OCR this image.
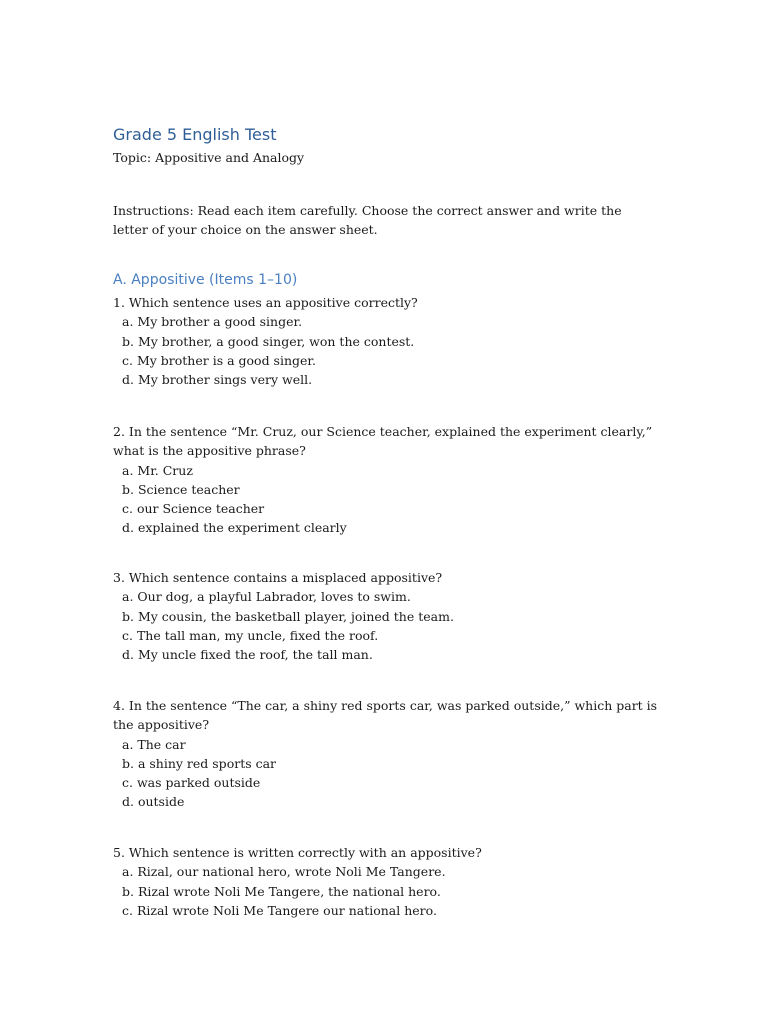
Grade 5 English Test
Topic: Appositive and Analogy

Instructions: Read each item carefully. Choose the correct answer and write the letter of your choice on the answer sheet.

A. Appositive (Items 1–10)

1. Which sentence uses an appositive correctly?

a. My brother a good singer.
b. My brother, a good singer, won the contest.
c. My brother is a good singer.
d. My brother sings very well.

2. In the sentence “Mr. Cruz, our Science teacher, explained the experiment clearly,” what is the appositive phrase?

a. Mr. Cruz
b. Science teacher
c. our Science teacher
d. explained the experiment clearly

3. Which sentence contains a misplaced appositive?

a. Our dog, a playful Labrador, loves to swim.
b. My cousin, the basketball player, joined the team.
c. The tall man, my uncle, fixed the roof.
d. My uncle fixed the roof, the tall man.

4. In the sentence “The car, a shiny red sports car, was parked outside,” which part is the appositive?

a. The car
b. a shiny red sports car
c. was parked outside
d. outside

5. Which sentence is written correctly with an appositive?

a. Rizal, our national hero, wrote Noli Me Tangere.
b. Rizal wrote Noli Me Tangere, the national hero.
c. Rizal wrote Noli Me Tangere our national hero.
